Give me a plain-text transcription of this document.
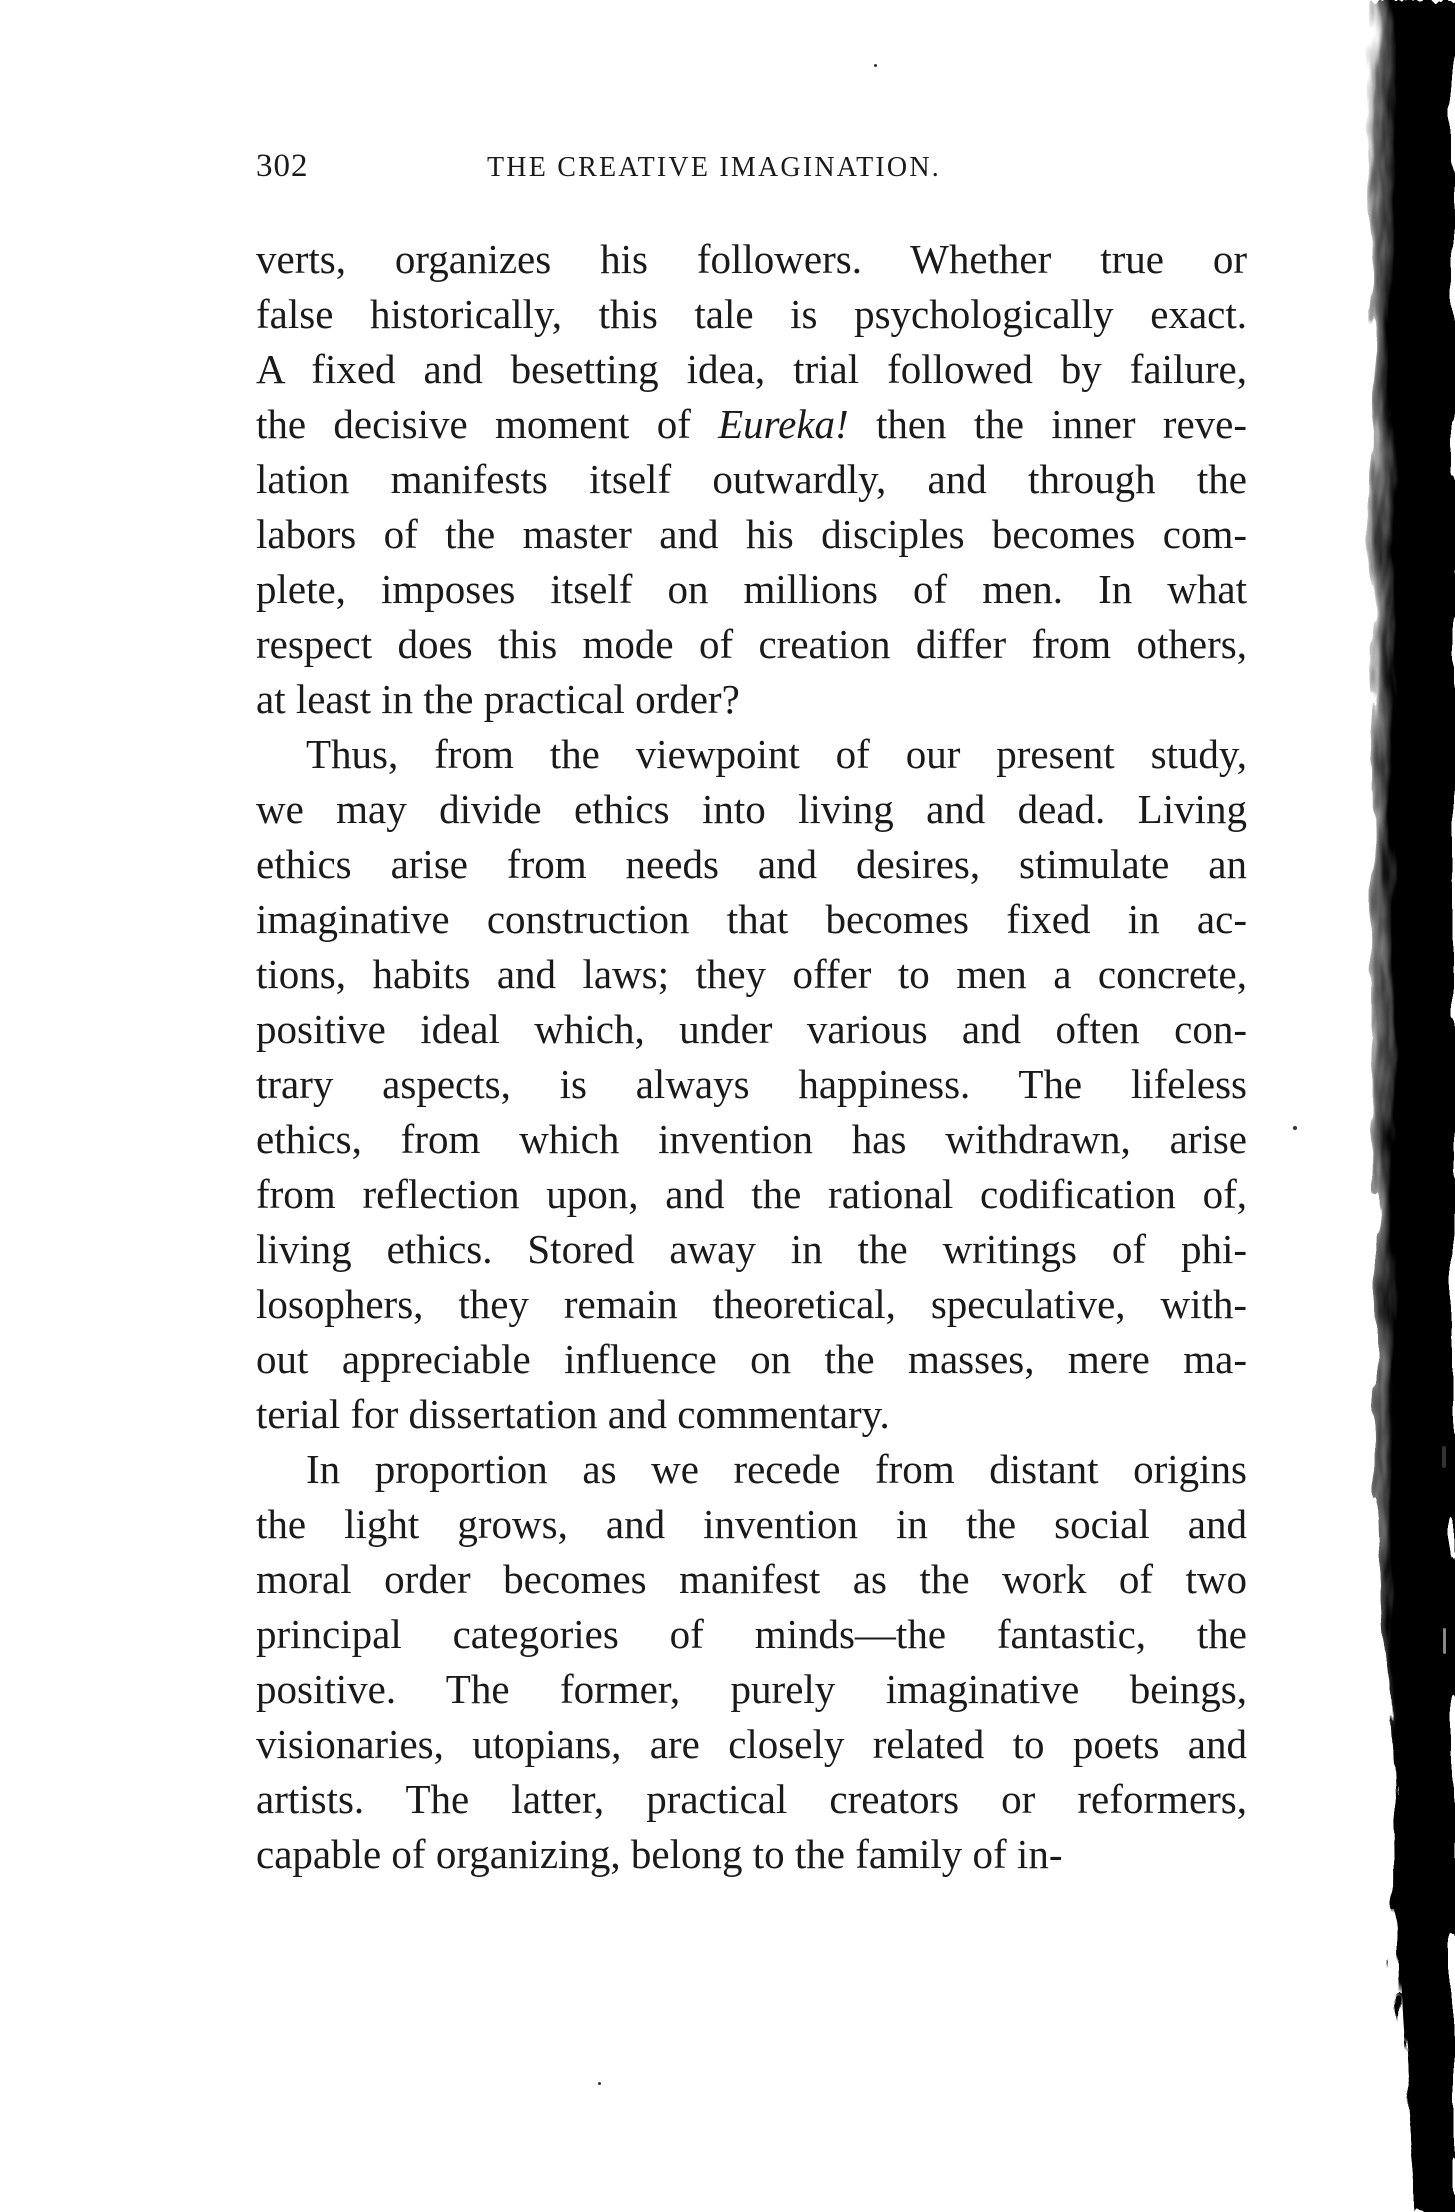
302	THE CREATIVE IMAGINATION.
verts, organizes his followers. Whether true or
false historically, this tale is psychologically exact.
A fixed and besetting idea, trial followed by failure,
the decisive moment of Eureka! then the inner reve-
lation manifests itself outwardly, and through the
labors of the master and his disciples becomes com-
plete, imposes itself on millions of men. In what
respect does this mode of creation differ from others,
at least in the practical order?
Thus, from the viewpoint of our present study,
we may divide ethics into living and dead. Living
ethics arise from needs and desires, stimulate an
imaginative construction that becomes fixed in ac-
tions, habits and laws; they offer to men a concrete,
positive ideal which, under various and often con-
trary aspects, is always happiness. The lifeless
ethics, from which invention has withdrawn, arise
from reflection upon, and the rational codification of,
living ethics. Stored away in the writings of phi-
losophers, they remain theoretical, speculative, with-
out appreciable influence on the masses, mere ma-
terial for dissertation and commentary.
In proportion as we recede from distant origins
the light grows, and invention in the social and
moral order becomes manifest as the work of two
principal categories of minds—the fantastic, the
positive. The former, purely imaginative beings,
visionaries, utopians, are closely related to poets and
artists. The latter, practical creators or reformers,
capable of organizing, belong to the family of in-
